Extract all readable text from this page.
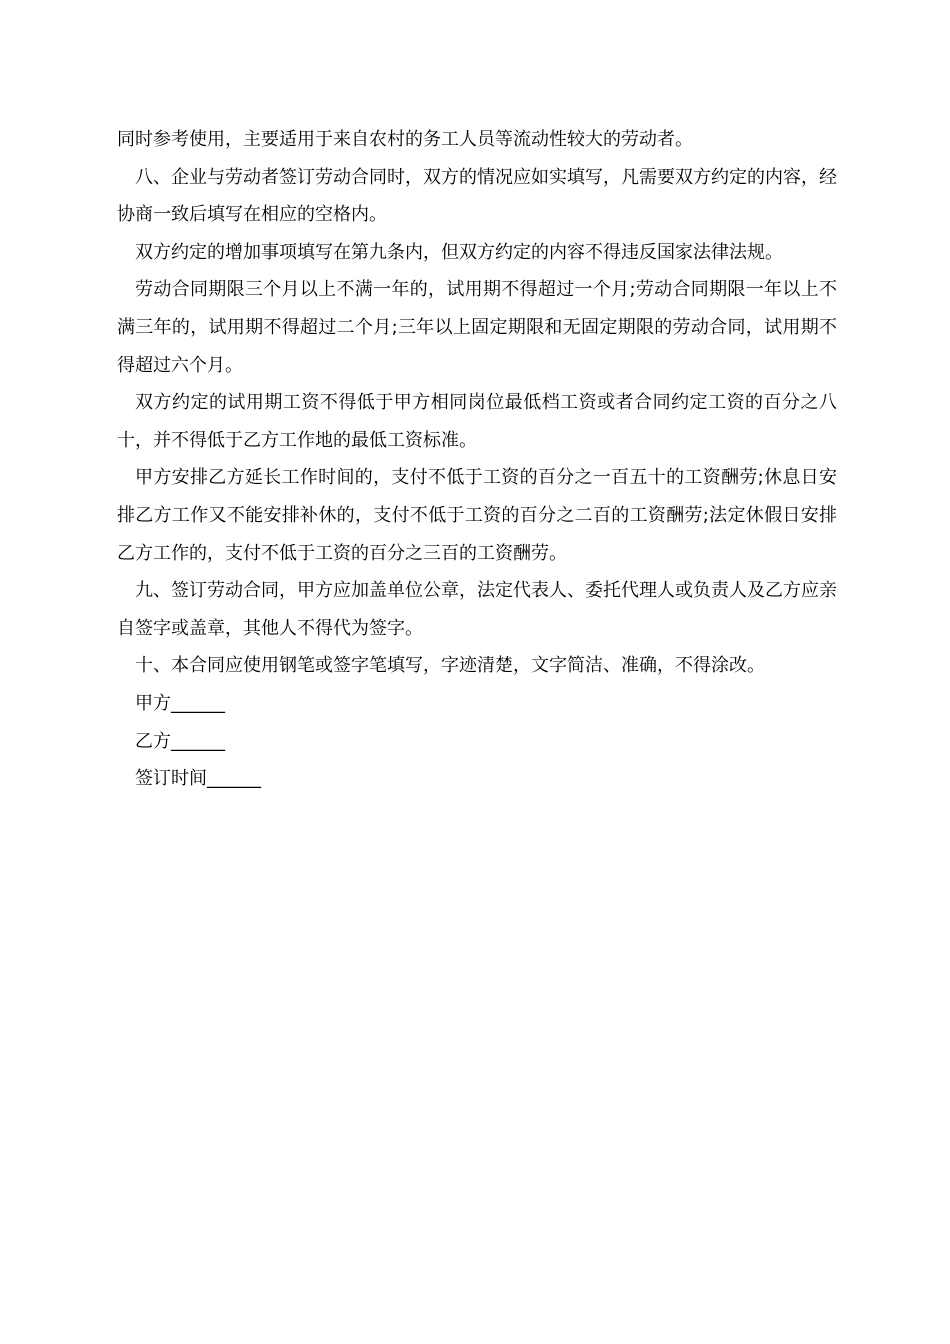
同时参考使用，主要适用于来自农村的务工人员等流动性较大的劳动者。

八、企业与劳动者签订劳动合同时，双方的情况应如实填写，凡需要双方约定的内容，经协商一致后填写在相应的空格内。

双方约定的增加事项填写在第九条内，但双方约定的内容不得违反国家法律法规。

劳动合同期限三个月以上不满一年的，试用期不得超过一个月;劳动合同期限一年以上不满三年的，试用期不得超过二个月;三年以上固定期限和无固定期限的劳动合同，试用期不得超过六个月。

双方约定的试用期工资不得低于甲方相同岗位最低档工资或者合同约定工资的百分之八十，并不得低于乙方工作地的最低工资标准。

甲方安排乙方延长工作时间的，支付不低于工资的百分之一百五十的工资酬劳;休息日安排乙方工作又不能安排补休的，支付不低于工资的百分之二百的工资酬劳;法定休假日安排乙方工作的，支付不低于工资的百分之三百的工资酬劳。

九、签订劳动合同，甲方应加盖单位公章，法定代表人、委托代理人或负责人及乙方应亲自签字或盖章，其他人不得代为签字。

十、本合同应使用钢笔或签字笔填写，字迹清楚，文字简洁、准确，不得涂改。

甲方______

乙方______

签订时间______
